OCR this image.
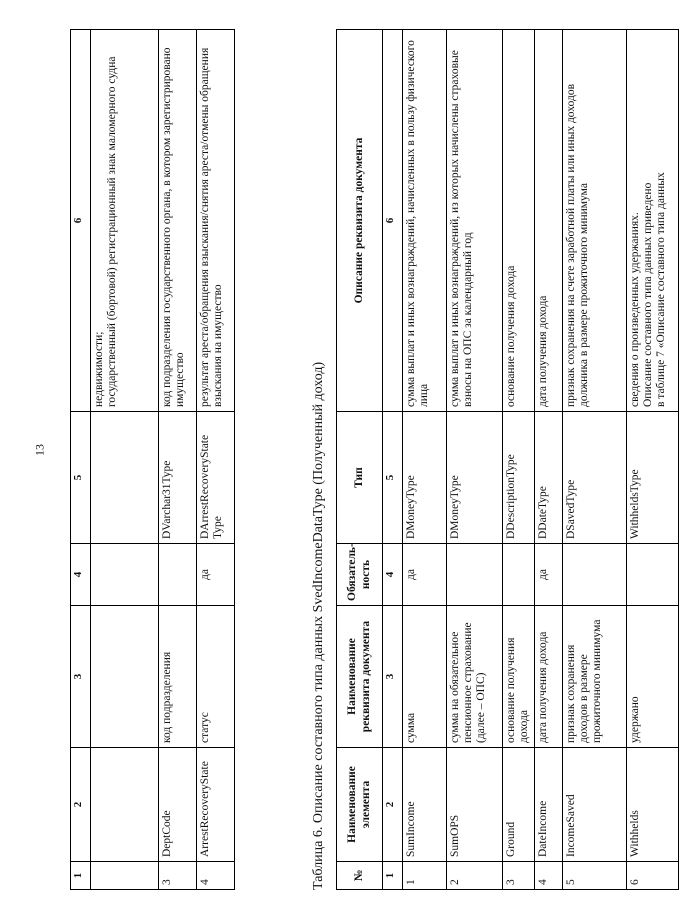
13
1	2	3	4	5	6
					недвижимости;
государственный (бортовой) регистрационный знак маломерного судна
3	DeptCode	код подразделения		DVarchar31Type	код подразделения государственного органа, в котором зарегистрировано имущество
4	ArrestRecoveryState	статус	да	DArrestRecoveryState Type	результат ареста/обращения взыскания/снятия ареста/отмены обращения взыскания на имущество
Таблица 6. Описание составного типа данных SvedIncomeDataType (Полученный доход) №	Наименование элемента	Наименование реквизита документа	Обязатель-ность	Тип	Описание реквизита документа
1	2	3	4	5	6
1	SumIncome	сумма	да	DMoneyType	сумма выплат и иных вознаграждений, начисленных в пользу физического лица
2	SumOPS	сумма на обязательное пенсионное страхование (далее – ОПС)		DMoneyType	сумма выплат и иных вознаграждений, из которых начислены страховые взносы на ОПС за календарный год
3	Ground	основание получения дохода		DDescriptionType	основание получения дохода
4	DateIncome	дата получения дохода	да	DDateType	дата получения дохода
5	IncomeSaved	признак сохранения доходов в размере прожиточного минимума		DSavedType	признак сохранения на счете заработной платы или иных доходов должника в размере прожиточного минимума
6	Withhelds	удержано		WithheldsType	сведения о произведенных удержаниях.
Описание составного типа данных приведено
в таблице 7 «Описание составного типа данных
